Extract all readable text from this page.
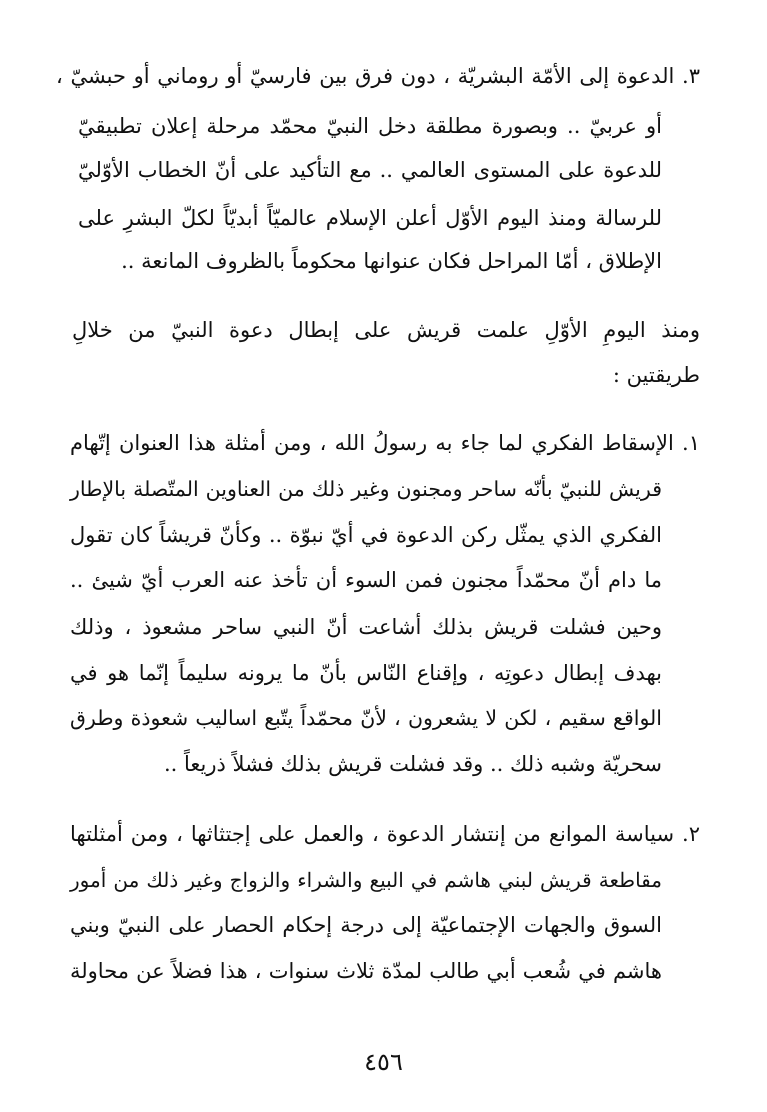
٣. الدعوة إلى الأمّة البشريّة ، دون فرق بين فارسيّ أو روماني أو حبشيّ ،
أو عربيّ .. وبصورة مطلقة دخل النبيّ محمّد مرحلة إعلان تطبيقيّ
للدعوة على المستوى العالمي .. مع التأكيد على أنّ الخطاب الأوّليّ
للرسالة ومنذ اليوم الأوّل أعلن الإسلام عالميّاً أبديّاً لكلّ البشرِ على
الإطلاق ، أمّا المراحل فكان عنوانها محكوماً بالظروف المانعة ..
ومنذ اليومِ الأوّلِ علمت قريش على إبطال دعوة النبيّ من خلالِ
طريقتين :
١. الإسقاط الفكري لما جاء به رسولُ الله ، ومن أمثلة هذا العنوان إتّهام
قريش للنبيّ بأنّه ساحر ومجنون وغير ذلك من العناوين المتّصلة بالإطار
الفكري الذي يمثّل ركن الدعوة في أيّ نبوّة .. وكأنّ قريشاً كان تقول
ما دام أنّ محمّداً مجنون فمن السوء أن تأخذ عنه العرب أيّ شيئ ..
وحين فشلت قريش بذلك أشاعت أنّ النبي ساحر مشعوذ ، وذلك
بهدف إبطال دعوتِه ، وإقناع النّاس بأنّ ما يرونه سليماً إنّما هو في
الواقع سقيم ، لكن لا يشعرون ، لأنّ محمّداً يتّبع اساليب شعوذة وطرق
سحريّة وشبه ذلك .. وقد فشلت قريش بذلك فشلاً ذريعاً ..
٢. سياسة الموانع من إنتشار الدعوة ، والعمل على إجتثاثها ، ومن أمثلتها
مقاطعة قريش لبني هاشم في البيع والشراء والزواج وغير ذلك من أمور
السوق والجهات الإجتماعيّة إلى درجة إحكام الحصار على النبيّ وبني
هاشم في شُعب أبي طالب لمدّة ثلاث سنوات ، هذا فضلاً عن محاولة
٤٥٦
